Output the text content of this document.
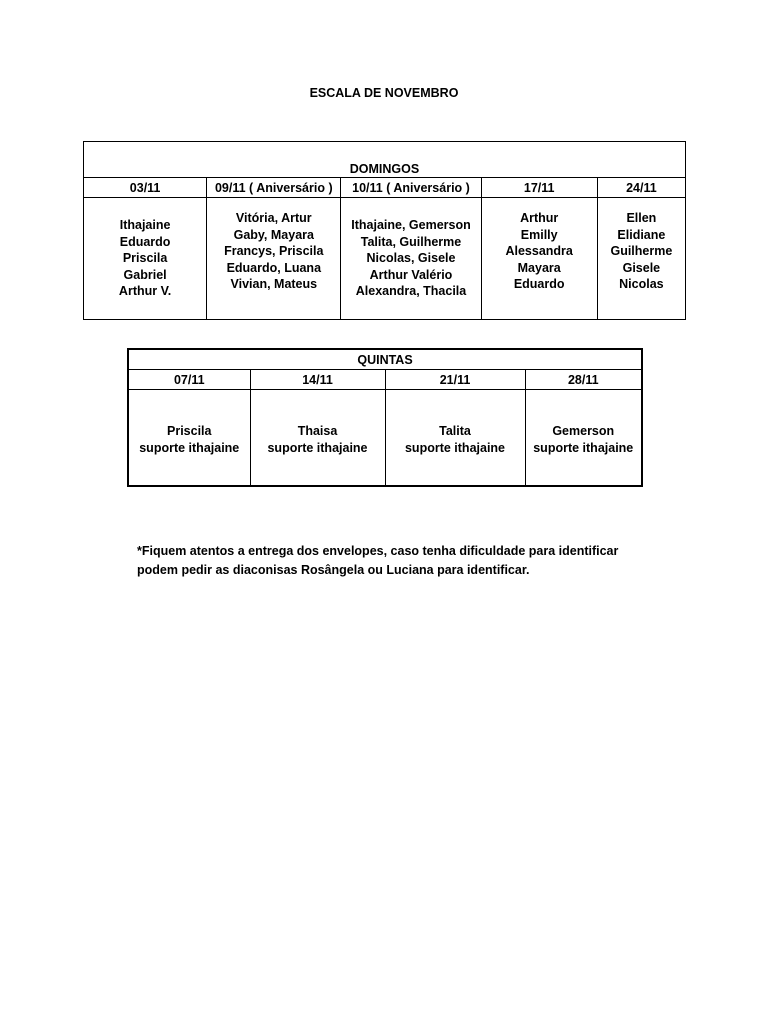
ESCALA DE NOVEMBRO
DOMINGOS				
03/11	09/11 ( Aniversário )	10/11 ( Aniversário )	17/11	24/11

Ithajaine
Eduardo
Priscila
Gabriel
Arthur V.	Vitória, Artur
Gaby, Mayara
Francys, Priscila
Eduardo, Luana
Vivian, Mateus	Ithajaine, Gemerson
Talita, Guilherme
Nicolas, Gisele
Arthur Valério
Alexandra, Thacila	Arthur
Emilly
Alessandra
Mayara
Eduardo	Ellen
Elidiane
Guilherme
Gisele
Nicolas
QUINTAS			
07/11	14/11	21/11	28/11

Priscila
suporte ithajaine	Thaisa
suporte ithajaine	Talita
suporte ithajaine	Gemerson
suporte ithajaine
*Fiquem atentos a entrega dos envelopes, caso tenha dificuldade para identificar
podem pedir as diaconisas Rosângela ou Luciana para identificar.
